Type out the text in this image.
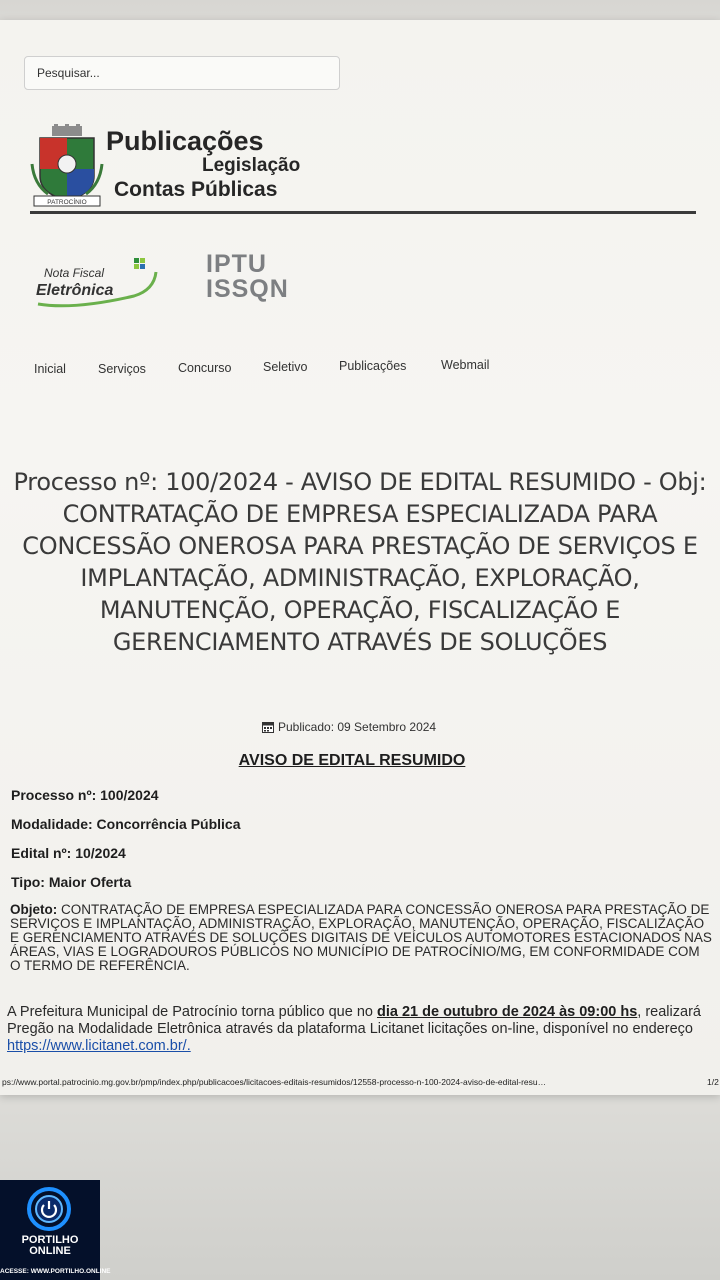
Pesquisar...
PATROCÍNIO
Publicações
Legislação
Contas Públicas
Nota Fiscal
Eletrônica
IPTU
ISSQN
Inicial	Serviços	Concurso	Seletivo	Publicações	Webmail
Processo nº: 100/2024 - AVISO DE EDITAL RESUMIDO - Obj: CONTRATAÇÃO DE EMPRESA ESPECIALIZADA PARA CONCESSÃO ONEROSA PARA PRESTAÇÃO DE SERVIÇOS E IMPLANTAÇÃO, ADMINISTRAÇÃO, EXPLORAÇÃO, MANUTENÇÃO, OPERAÇÃO, FISCALIZAÇÃO E GERENCIAMENTO ATRAVÉS DE SOLUÇÕES
Publicado: 09 Setembro 2024
AVISO DE EDITAL RESUMIDO
Processo nº: 100/2024
Modalidade: Concorrência Pública
Edital nº: 10/2024
Tipo: Maior Oferta
Objeto: CONTRATAÇÃO DE EMPRESA ESPECIALIZADA PARA CONCESSÃO ONEROSA PARA PRESTAÇÃO DE SERVIÇOS E IMPLANTAÇÃO, ADMINISTRAÇÃO, EXPLORAÇÃO, MANUTENÇÃO, OPERAÇÃO, FISCALIZAÇÃO E GERENCIAMENTO ATRAVÉS DE SOLUÇÕES DIGITAIS DE VEÍCULOS AUTOMOTORES ESTACIONADOS NAS ÁREAS, VIAS E LOGRADOUROS PÚBLICOS NO MUNICÍPIO DE PATROCÍNIO/MG, EM CONFORMIDADE COM O TERMO DE REFERÊNCIA.
A Prefeitura Municipal de Patrocínio torna público que no dia 21 de outubro de 2024 às 09:00 hs, realizará Pregão na Modalidade Eletrônica através da plataforma Licitanet licitações on-line, disponível no endereço https://www.licitanet.com.br/.
ps://www.portal.patrocinio.mg.gov.br/pmp/index.php/publicacoes/licitacoes-editais-resumidos/12558-processo-n-100-2024-aviso-de-edital-resu…	1/2
PORTILHO
ONLINE
ACESSE: WWW.PORTILHO.ONLINE
